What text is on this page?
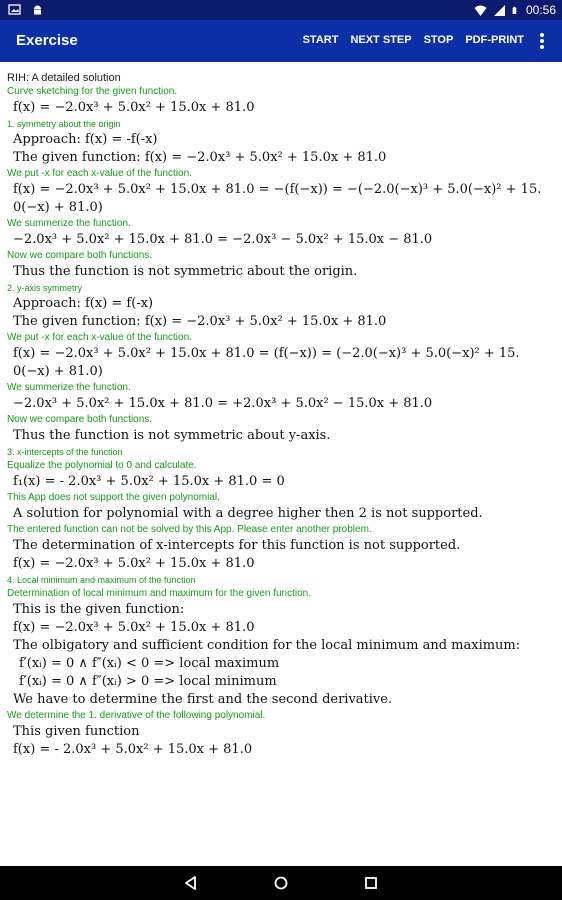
00:56
Exercise	START NEXT STEP STOP PDF-PRINT
RIH: A detailed solution
Curve sketching for the given function.
f(x) = −2.0x³ + 5.0x² + 15.0x + 81.0
1. symmetry about the origin
Approach: f(x) = -f(-x)
The given function: f(x) = −2.0x³ + 5.0x² + 15.0x + 81.0
We put -x for each x-value of the function.
f(x) = −2.0x³ + 5.0x² + 15.0x + 81.0 = −(f(−x)) = −(−2.0(−x)³ + 5.0(−x)² + 15.
0(−x) + 81.0)
We summerize the function.
−2.0x³ + 5.0x² + 15.0x + 81.0 = −2.0x³ − 5.0x² + 15.0x − 81.0
Now we compare both functions.
Thus the function is not symmetric about the origin.
2. y-axis symmetry
Approach: f(x) = f(-x)
The given function: f(x) = −2.0x³ + 5.0x² + 15.0x + 81.0
We put -x for each x-value of the function.
f(x) = −2.0x³ + 5.0x² + 15.0x + 81.0 = (f(−x)) = (−2.0(−x)³ + 5.0(−x)² + 15.
0(−x) + 81.0)
We summerize the function.
−2.0x³ + 5.0x² + 15.0x + 81.0 = +2.0x³ + 5.0x² − 15.0x + 81.0
Now we compare both functions.
Thus the function is not symmetric about y-axis.
3. x-intercepts of the function
Equalize the polynomial to 0 and calculate.
f₁(x) = - 2.0x³ + 5.0x² + 15.0x + 81.0 = 0
This App does not support the given polynomial.
A solution for polynomial with a degree higher then 2 is not supported.
The entered function can not be solved by this App. Please enter another problem.
The determination of x-intercepts for this function is not supported.
f(x) = −2.0x³ + 5.0x² + 15.0x + 81.0
4. Local minimum and maximum of the function
Determination of local minimum and maximum for the given function.
This is the given function:
f(x) = −2.0x³ + 5.0x² + 15.0x + 81.0
The olbigatory and sufficient condition for the local minimum and maximum:
f′(xᵢ) = 0 ∧ f″(xᵢ) < 0 => local maximum
f′(xᵢ) = 0 ∧ f″(xᵢ) > 0 => local minimum
We have to determine the first and the second derivative.
We determine the 1. derivative of the following polynomial.
This given function
f(x) = - 2.0x³ + 5.0x² + 15.0x + 81.0
